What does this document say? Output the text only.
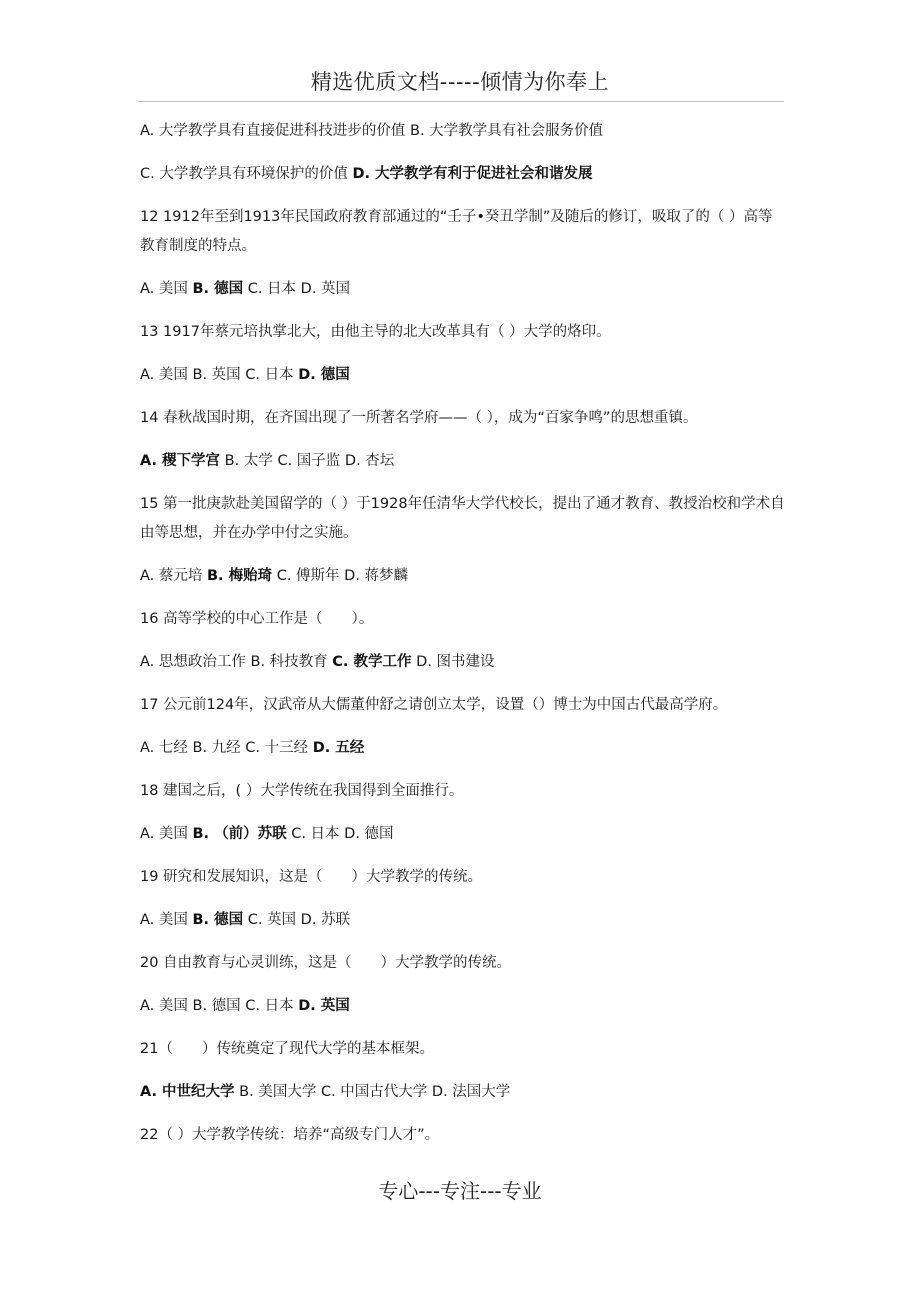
精选优质文档-----倾情为你奉上
A. 大学教学具有直接促进科技进步的价值 B. 大学教学具有社会服务价值
C. 大学教学具有环境保护的价值 D. 大学教学有利于促进社会和谐发展
12 1912年至到1913年民国政府教育部通过的“壬子•癸丑学制”及随后的修订，吸取了的（ ）高等教育制度的特点。
A. 美国 B. 德国 C. 日本 D. 英国
13 1917年蔡元培执掌北大，由他主导的北大改革具有（ ）大学的烙印。
A. 美国 B. 英国 C. 日本 D. 德国
14 春秋战国时期，在齐国出现了一所著名学府——（ ），成为“百家争鸣”的思想重镇。
A. 稷下学宫 B. 太学 C. 国子监 D. 杏坛
15 第一批庚款赴美国留学的（ ）于1928年任清华大学代校长，提出了通才教育、教授治校和学术自由等思想，并在办学中付之实施。
A. 蔡元培 B. 梅贻琦 C. 傅斯年 D. 蒋梦麟
16 高等学校的中心工作是（　　）。
A. 思想政治工作 B. 科技教育 C. 教学工作 D. 图书建设
17 公元前124年，汉武帝从大儒董仲舒之请创立太学，设置（）博士为中国古代最高学府。
A. 七经 B. 九经 C. 十三经 D. 五经
18 建国之后，( ）大学传统在我国得到全面推行。
A. 美国 B. （前）苏联 C. 日本 D. 德国
19 研究和发展知识，这是（　　）大学教学的传统。
A. 美国 B. 德国 C. 英国 D. 苏联
20 自由教育与心灵训练，这是（　　）大学教学的传统。
A. 美国 B. 德国 C. 日本 D. 英国
21（　　）传统奠定了现代大学的基本框架。
A. 中世纪大学 B. 美国大学 C. 中国古代大学 D. 法国大学
22（ ）大学教学传统：培养“高级专门人才”。
专心---专注---专业
